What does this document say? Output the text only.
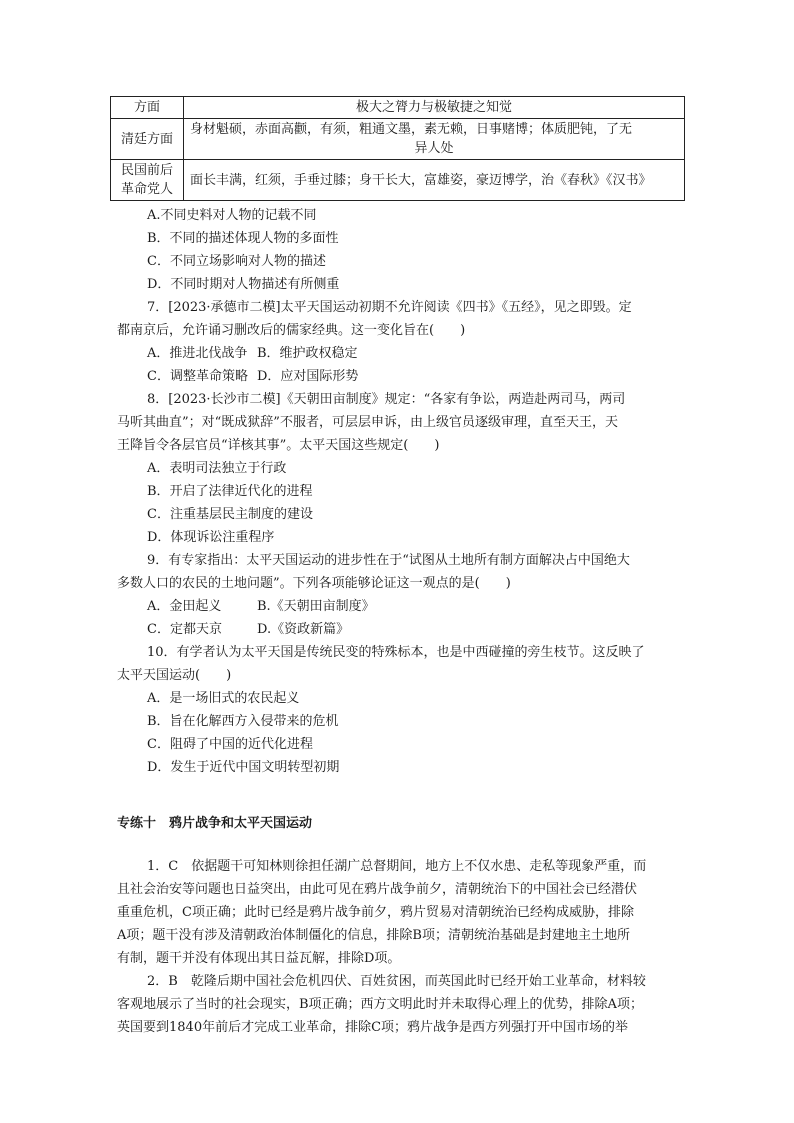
方面	极大之膂力与极敏捷之知觉
清廷方面	身材魁硕，赤面高颧，有须，粗通文墨，素无赖，日事赌博；体质肥钝，了无
异人处

民国前后
革命党人	面长丰满，红须，手垂过膝；身干长大，富雄姿，豪迈博学，治《春秋》《汉书》
A.不同史料对人物的记载不同
B．不同的描述体现人物的多面性
C．不同立场影响对人物的描述
D．不同时期对人物描述有所侧重
7．[2023·承德市二模]太平天国运动初期不允许阅读《四书》《五经》，见之即毁。定
都南京后，允许诵习删改后的儒家经典。这一变化旨在(　　)
A．推进北伐战争 B．维护政权稳定
C．调整革命策略 D．应对国际形势
8．[2023·长沙市二模]《天朝田亩制度》规定：“各家有争讼，两造赴两司马，两司
马听其曲直”；对“既成狱辞”不服者，可层层申诉，由上级官员逐级审理，直至天王，天
王降旨令各层官员“详核其事”。太平天国这些规定(　　)
A．表明司法独立于行政
B．开启了法律近代化的进程
C．注重基层民主制度的建设
D．体现诉讼注重程序
9．有专家指出：太平天国运动的进步性在于“试图从土地所有制方面解决占中国绝大
多数人口的农民的土地问题”。下列各项能够论证这一观点的是(　　)
A．金田起义	B.《天朝田亩制度》
C．定都天京	D.《资政新篇》
10．有学者认为太平天国是传统民变的特殊标本，也是中西碰撞的旁生枝节。这反映了
太平天国运动(　　)
A．是一场旧式的农民起义
B．旨在化解西方入侵带来的危机
C．阻碍了中国的近代化进程
D．发生于近代中国文明转型初期
专练十 鸦片战争和太平天国运动
1．C　依据题干可知林则徐担任湖广总督期间，地方上不仅水患、走私等现象严重，而
且社会治安等问题也日益突出，由此可见在鸦片战争前夕，清朝统治下的中国社会已经潜伏
重重危机，C项正确；此时已经是鸦片战争前夕，鸦片贸易对清朝统治已经构成威胁，排除
A项；题干没有涉及清朝政治体制僵化的信息，排除B项；清朝统治基础是封建地主土地所
有制，题干并没有体现出其日益瓦解，排除D项。
2．B　乾隆后期中国社会危机四伏、百姓贫困，而英国此时已经开始工业革命，材料较
客观地展示了当时的社会现实，B项正确；西方文明此时并未取得心理上的优势，排除A项；
英国要到1840年前后才完成工业革命，排除C项；鸦片战争是西方列强打开中国市场的举
